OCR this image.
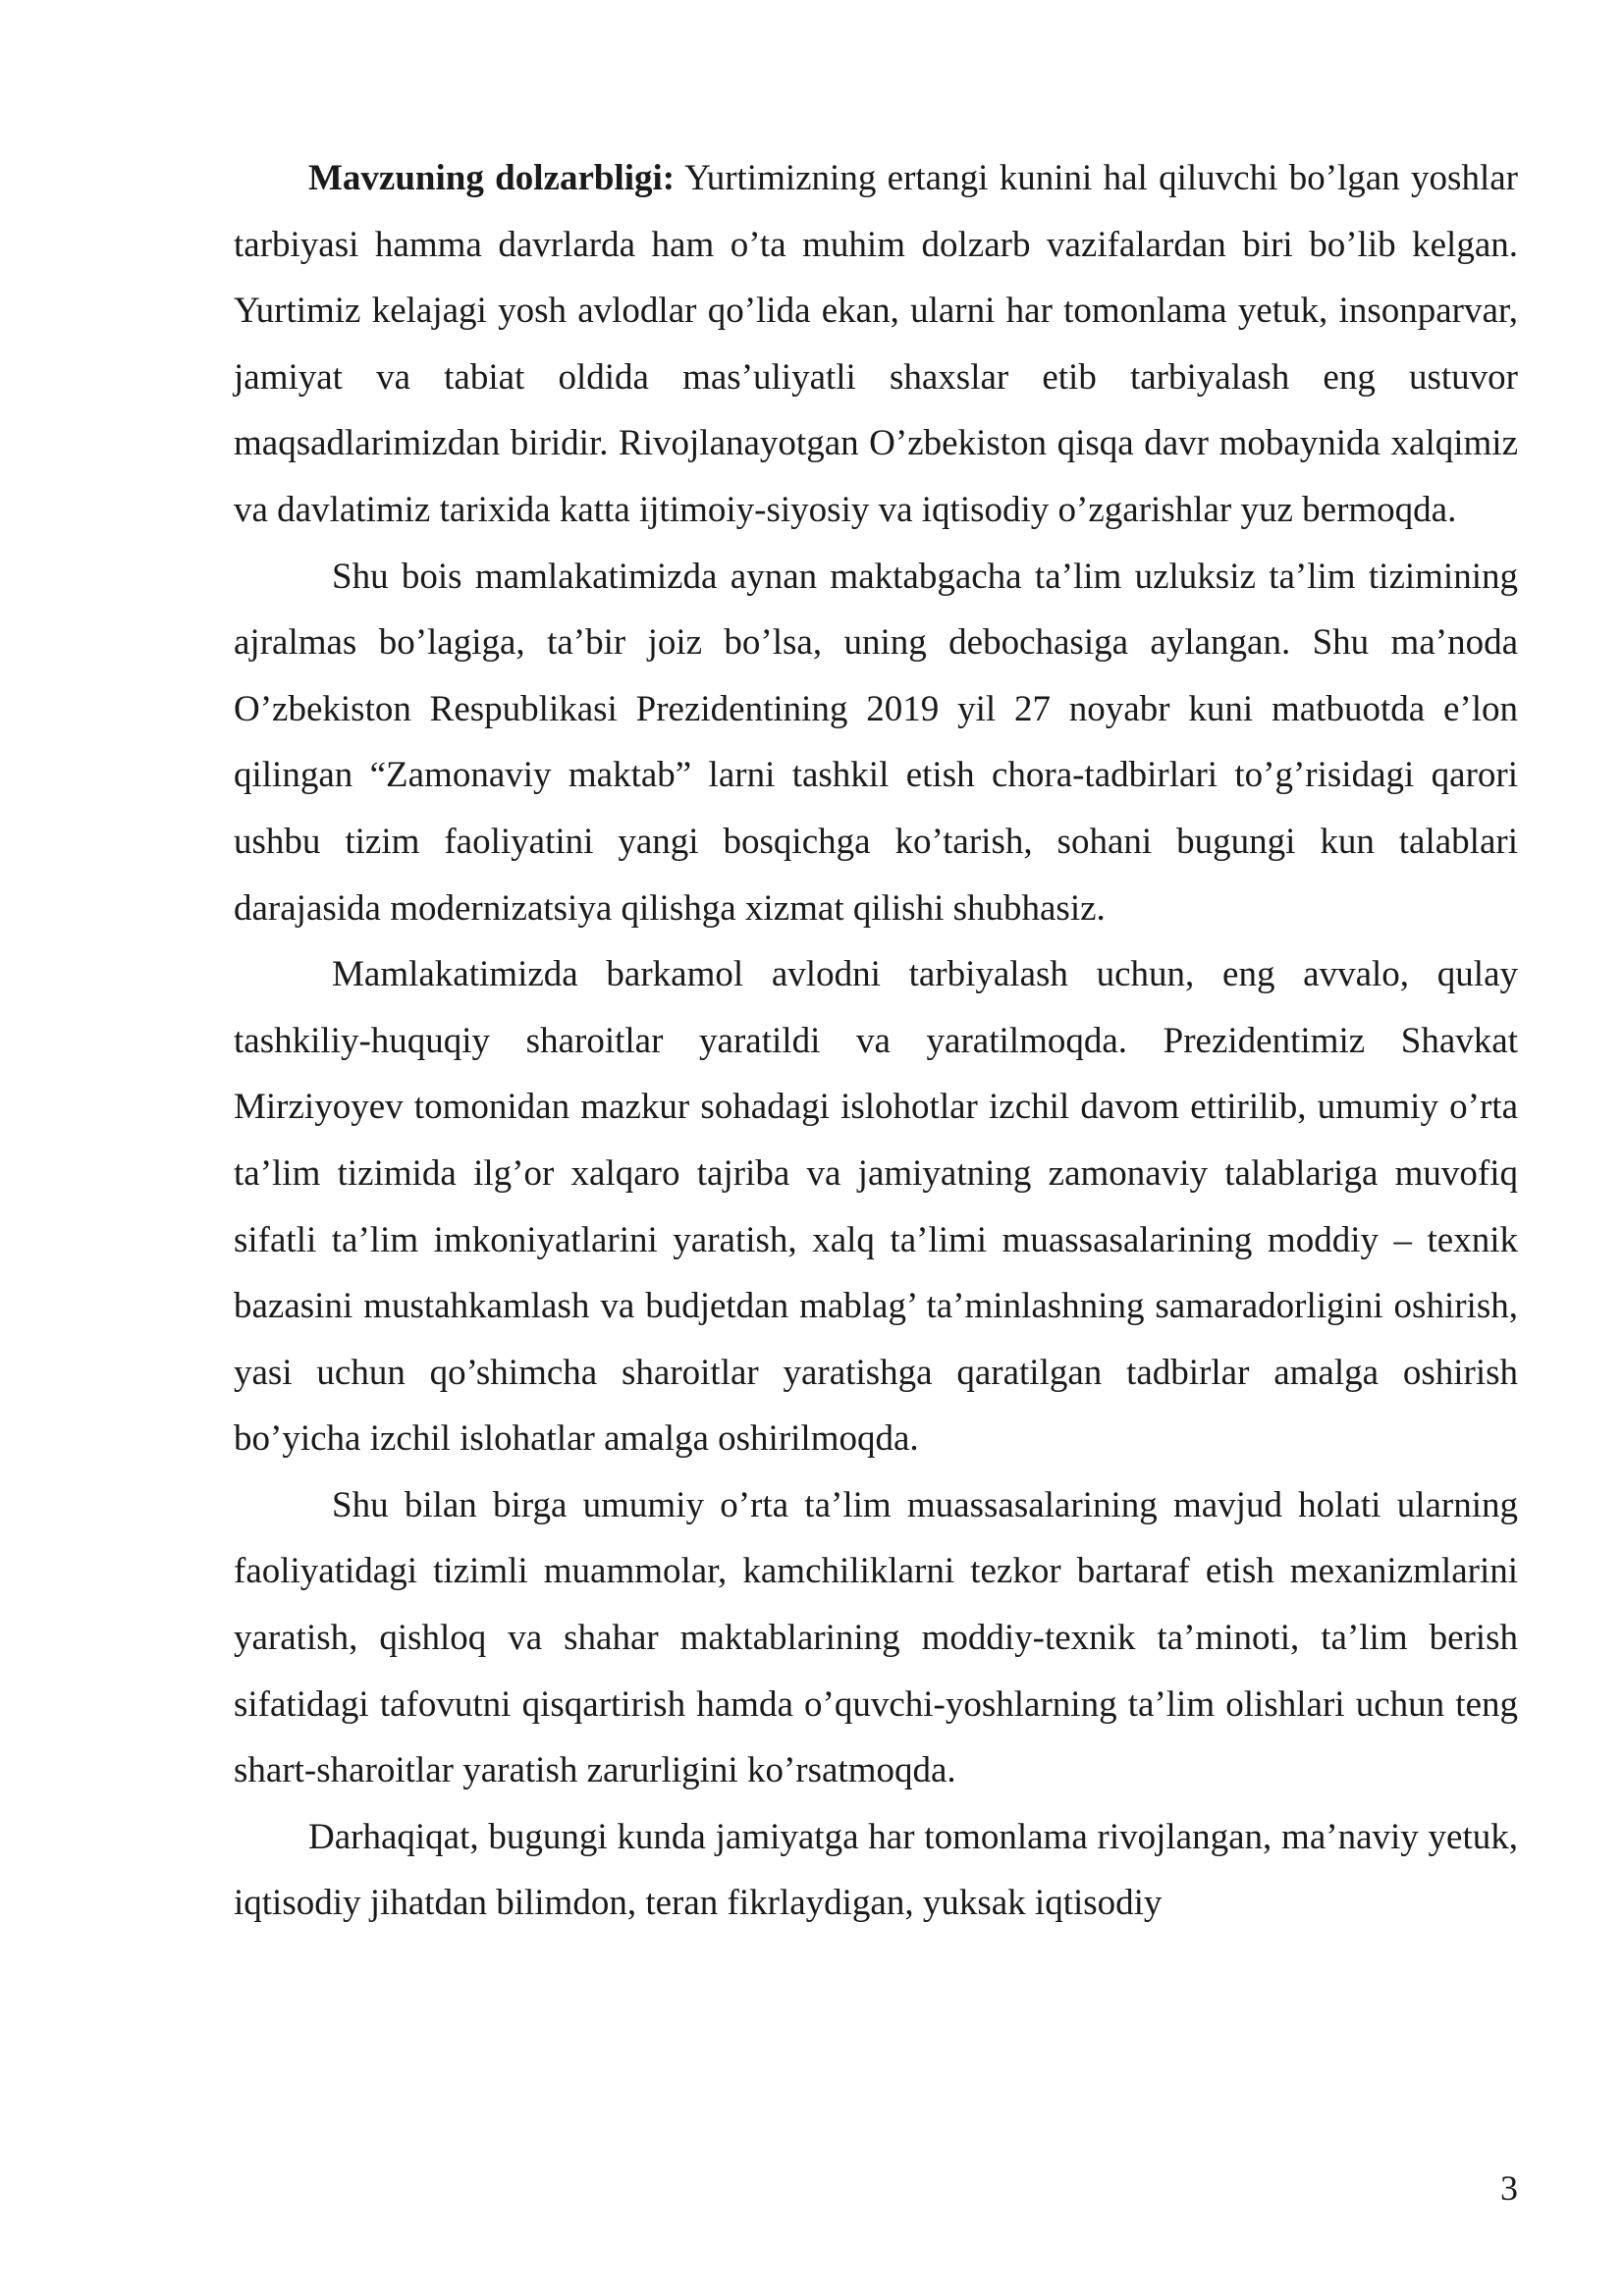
Mavzuning dolzarbligi: Yurtimizning ertangi kunini hal qiluvchi bo’lgan yoshlar tarbiyasi hamma davrlarda ham o’ta muhim dolzarb vazifalardan biri bo’lib kelgan. Yurtimiz kelajagi yosh avlodlar qo’lida ekan, ularni har tomonlama yetuk, insonparvar, jamiyat va tabiat oldida mas’uliyatli shaxslar etib tarbiyalash eng ustuvor maqsadlarimizdan biridir. Rivojlanayotgan O’zbekiston qisqa davr mobaynida xalqimiz va davlatimiz tarixida katta ijtimoiy-siyosiy va iqtisodiy o’zgarishlar yuz bermoqda.

Shu bois mamlakatimizda aynan maktabgacha ta’lim uzluksiz ta’lim tizimining ajralmas bo’lagiga, ta’bir joiz bo’lsa, uning debochasiga aylangan. Shu ma’noda O’zbekiston Respublikasi Prezidentining 2019 yil 27 noyabr kuni matbuotda e’lon qilingan “Zamonaviy maktab” larni tashkil etish chora-tadbirlari to’g’risidagi qarori ushbu tizim faoliyatini yangi bosqichga ko’tarish, sohani bugungi kun talablari darajasida modernizatsiya qilishga xizmat qilishi shubhasiz.

Mamlakatimizda barkamol avlodni tarbiyalash uchun, eng avvalo, qulay tashkiliy-huquqiy sharoitlar yaratildi va yaratilmoqda. Prezidentimiz Shavkat Mirziyoyev tomonidan mazkur sohadagi islohotlar izchil davom ettirilib, umumiy o’rta ta’lim tizimida ilg’or xalqaro tajriba va jamiyatning zamonaviy talablariga muvofiq sifatli ta’lim imkoniyatlarini yaratish, xalq ta’limi muassasalarining moddiy – texnik bazasini mustahkamlash va budjetdan mablag’ ta’minlashning samaradorligini oshirish, yasi uchun qo’shimcha sharoitlar yaratishga qaratilgan tadbirlar amalga oshirish bo’yicha izchil islohatlar amalga oshirilmoqda.

Shu bilan birga umumiy o’rta ta’lim muassasalarining mavjud holati ularning faoliyatidagi tizimli muammolar, kamchiliklarni tezkor bartaraf etish mexanizmlarini yaratish, qishloq va shahar maktablarining moddiy-texnik ta’minoti, ta’lim berish sifatidagi tafovutni qisqartirish hamda o’quvchi-yoshlarning ta’lim olishlari uchun teng shart-sharoitlar yaratish zarurligini ko’rsatmoqda.

Darhaqiqat, bugungi kunda jamiyatga har tomonlama rivojlangan, ma’naviy yetuk, iqtisodiy jihatdan bilimdon, teran fikrlaydigan, yuksak iqtisodiy

3
